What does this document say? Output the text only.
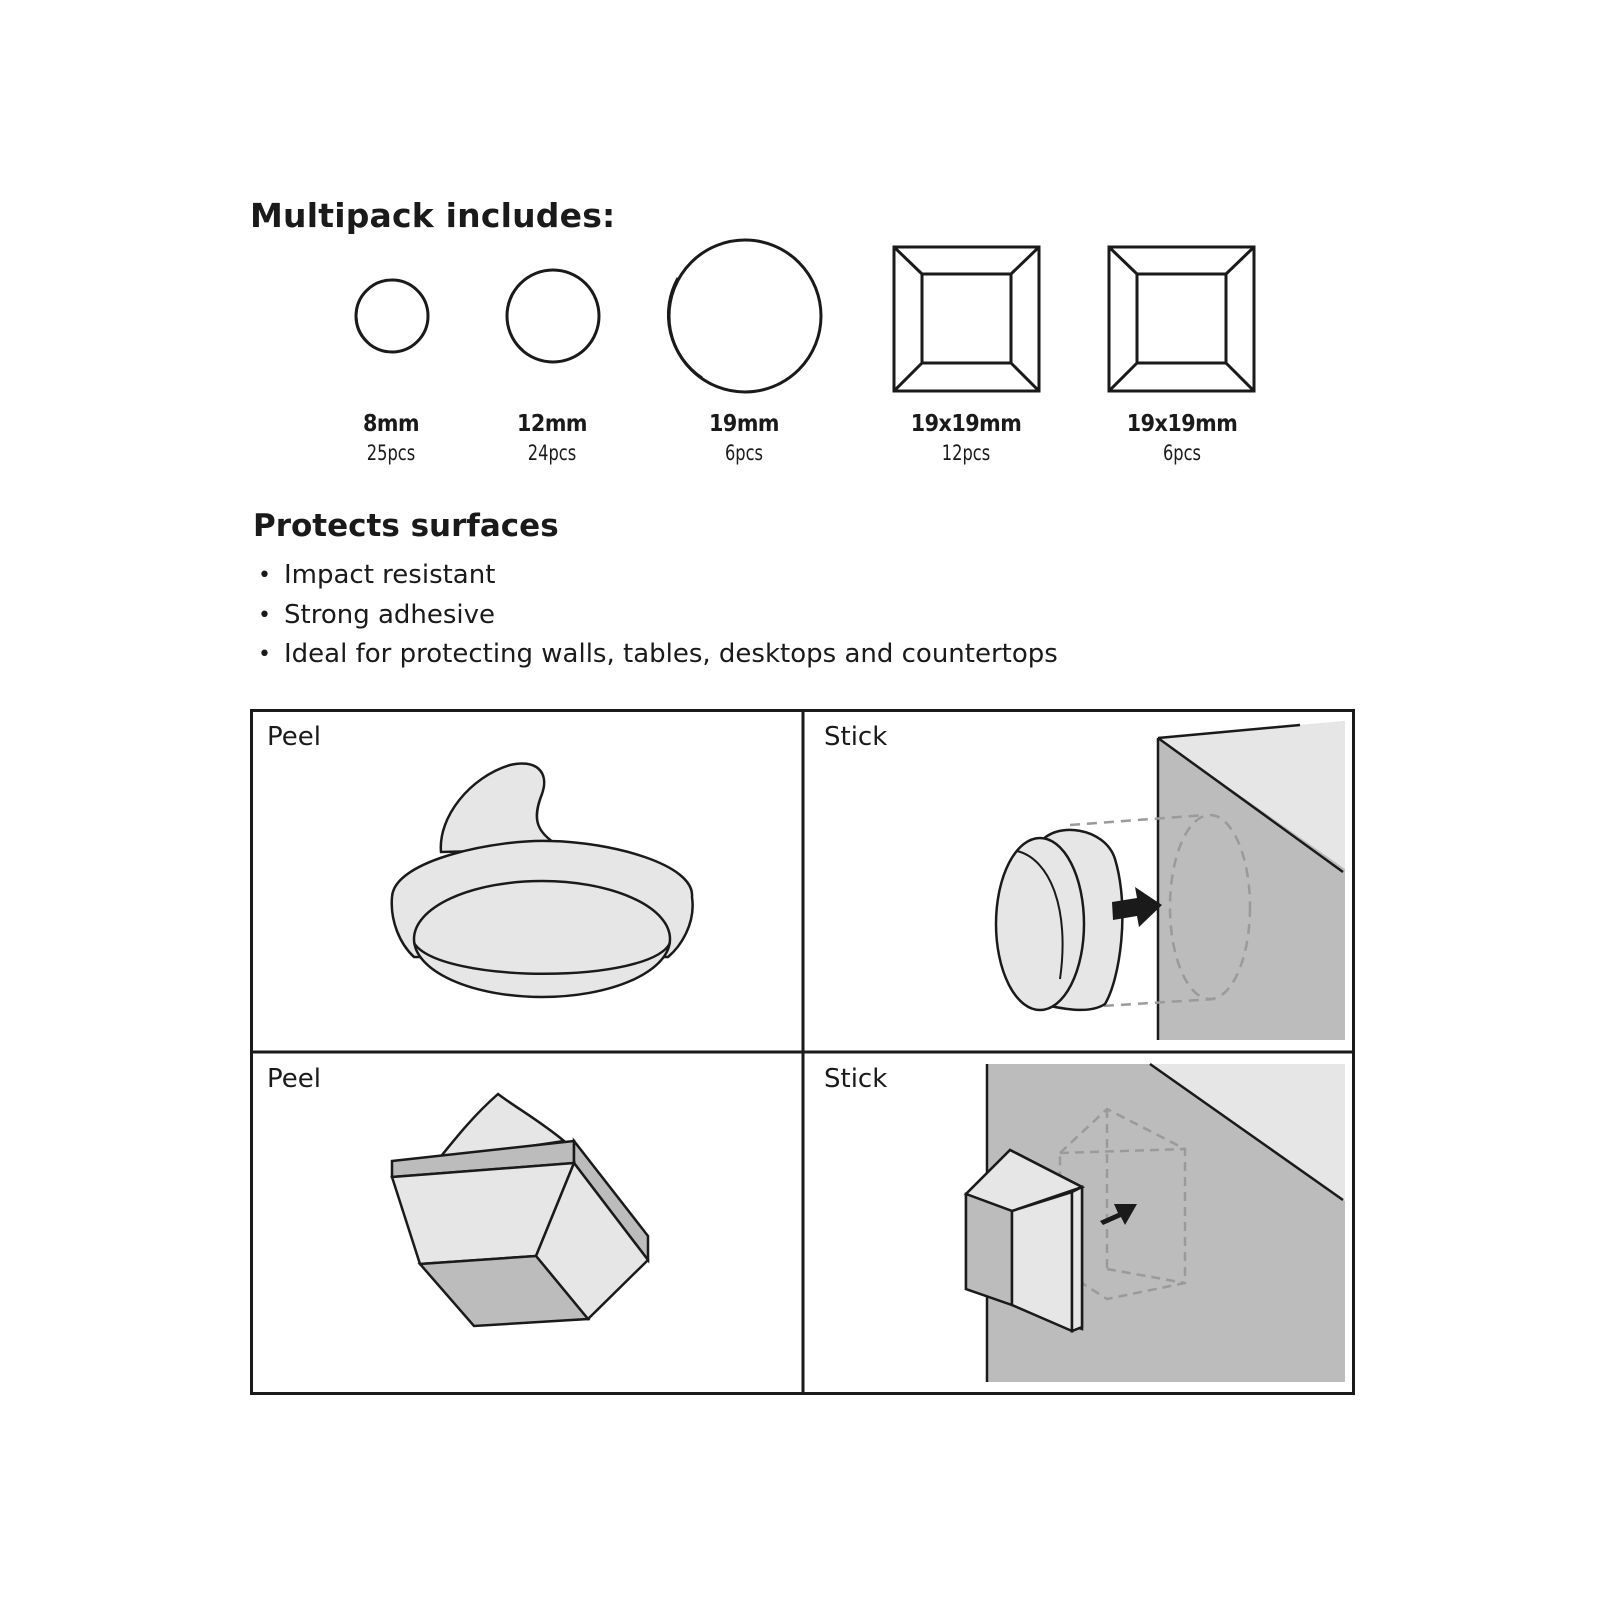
Multipack includes:
8mm
25pcs
12mm
24pcs
19mm
6pcs
19x19mm
12pcs
19x19mm
6pcs
Protects surfaces
• Impact resistant
• Strong adhesive
• Ideal for protecting walls, tables, desktops and countertops
Peel	Stick
Peel	Stick
